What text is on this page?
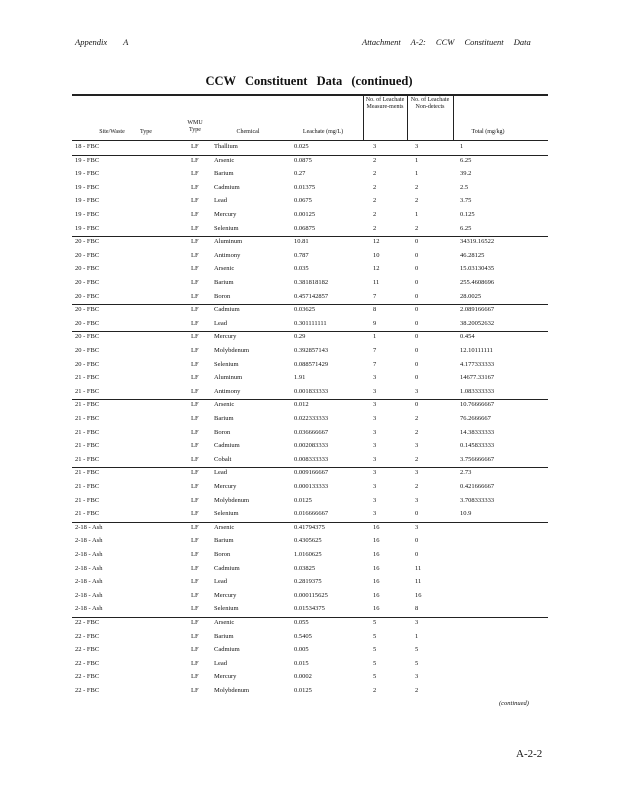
Appendix A	Attachment A-2: CCW Constituent Data
CCW Constituent Data (continued)
Site/Waste	Type
WMU Type	Chemical	Leachate (mg/L)
No. of Leachate Measure-ments
No. of Leachate Non-detects
Total (mg/kg)
18 - FBC	LF Thallium	0.025	3	3	1
19 - FBC	LF Arsenic	0.0875	2	1	6.25
19 - FBC	LF Barium	0.27	2	1	39.2
19 - FBC	LF Cadmium	0.01375	2	2	2.5
19 - FBC	LF Lead	0.0675	2	2	3.75
19 - FBC	LF Mercury	0.00125	2	1	0.125
19 - FBC	LF Selenium	0.06875	2	2	6.25
20 - FBC	LF Aluminum	10.81	12	0	34319.16522
20 - FBC	LF Antimony	0.787	10	0	46.28125
20 - FBC	LF Arsenic	0.035	12	0	15.03130435
20 - FBC	LF Barium	0.381818182	11	0	255.4608696
20 - FBC	LF Boron	0.457142857	7	0	28.0025
20 - FBC	LF Cadmium	0.03625	8	0	2.089166667
20 - FBC	LF Lead	0.301111111	9	0	38.20052632
20 - FBC	LF Mercury	0.29	1	0	0.454
20 - FBC	LF Molybdenum	0.392857143	7	0	12.10111111
20 - FBC	LF Selenium	0.088571429	7	0	4.177333333
21 - FBC	LF Aluminum	1.91	3	0	14677.33167
21 - FBC	LF Antimony	0.001833333	3	3	1.083333333
21 - FBC	LF Arsenic	0.012	3	0	10.76666667
21 - FBC	LF Barium	0.022333333	3	2	76.2666667
21 - FBC	LF Boron	0.036666667	3	2	14.38333333
21 - FBC	LF Cadmium	0.002083333	3	3	0.145833333
21 - FBC	LF Cobalt	0.008333333	3	2	3.756666667
21 - FBC	LF Lead	0.009166667	3	3	2.73
21 - FBC	LF Mercury	0.000133333	3	2	0.421666667
21 - FBC	LF Molybdenum	0.0125	3	3	3.708333333
21 - FBC	LF Selenium	0.016666667	3	0	10.9
2-18 - Ash	LF Arsenic	0.41794375	16	3
2-18 - Ash	LF Barium	0.4305625	16	0
2-18 - Ash	LF Boron	1.0160625	16	0
2-18 - Ash	LF Cadmium	0.03825	16	11
2-18 - Ash	LF Lead	0.2819375	16	11
2-18 - Ash	LF Mercury	0.000115625	16	16
2-18 - Ash	LF Selenium	0.01534375	16	8
22 - FBC	LF Arsenic	0.055	5	3
22 - FBC	LF Barium	0.5405	5	1
22 - FBC	LF Cadmium	0.005	5	5
22 - FBC	LF Lead	0.015	5	5
22 - FBC	LF Mercury	0.0002	5	3
22 - FBC	LF Molybdenum	0.0125	2	2
(continued)
A-2-2
